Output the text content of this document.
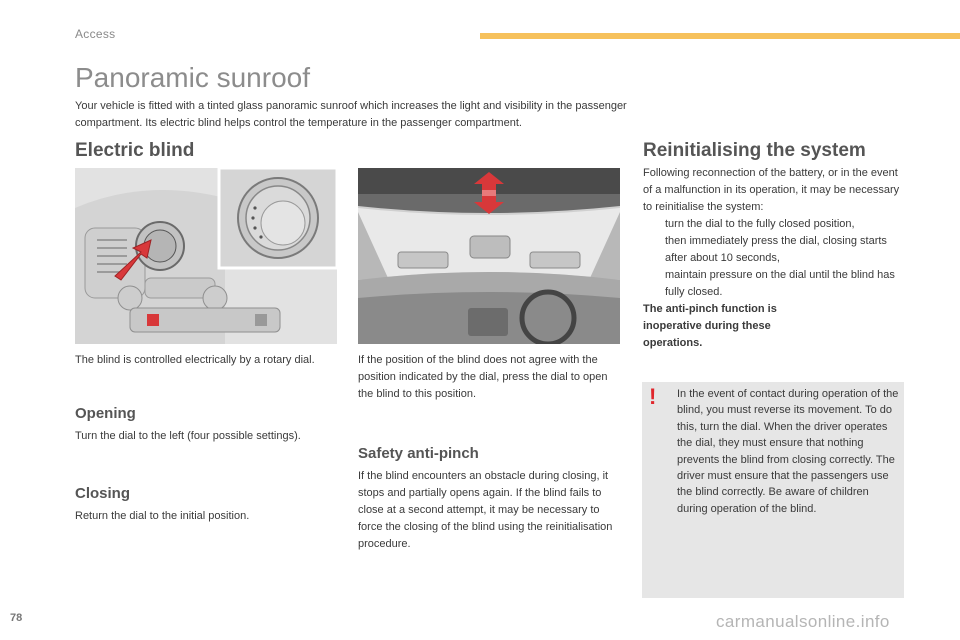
Access
Panoramic sunroof
Your vehicle is fitted with a tinted glass panoramic sunroof which increases the light and visibility in the passenger compartment. Its electric blind helps control the temperature in the passenger compartment.
Electric blind
The blind is controlled electrically by a rotary dial.
Opening
Turn the dial to the left (four possible settings).
Closing
Return the dial to the initial position.
If the position of the blind does not agree with the position indicated by the dial, press the dial to open the blind to this position.
Safety anti-pinch
If the blind encounters an obstacle during closing, it stops and partially opens again. If the blind fails to close at a second attempt, it may be necessary to force the closing of the blind using the reinitialisation procedure.
Reinitialising the system
Following reconnection of the battery, or in the event of a malfunction in its operation, it may be necessary to reinitialise the system:
turn the dial to the fully closed position,
then immediately press the dial, closing starts after about 10 seconds,
maintain pressure on the dial until the blind has fully closed.
The anti-pinch function is inoperative during these operations.
! In the event of contact during operation of the blind, you must reverse its movement. To do this, turn the dial. When the driver operates the dial, they must ensure that nothing prevents the blind from closing correctly. The driver must ensure that the passengers use the blind correctly. Be aware of children during operation of the blind.
78	carmanualsonline.info
